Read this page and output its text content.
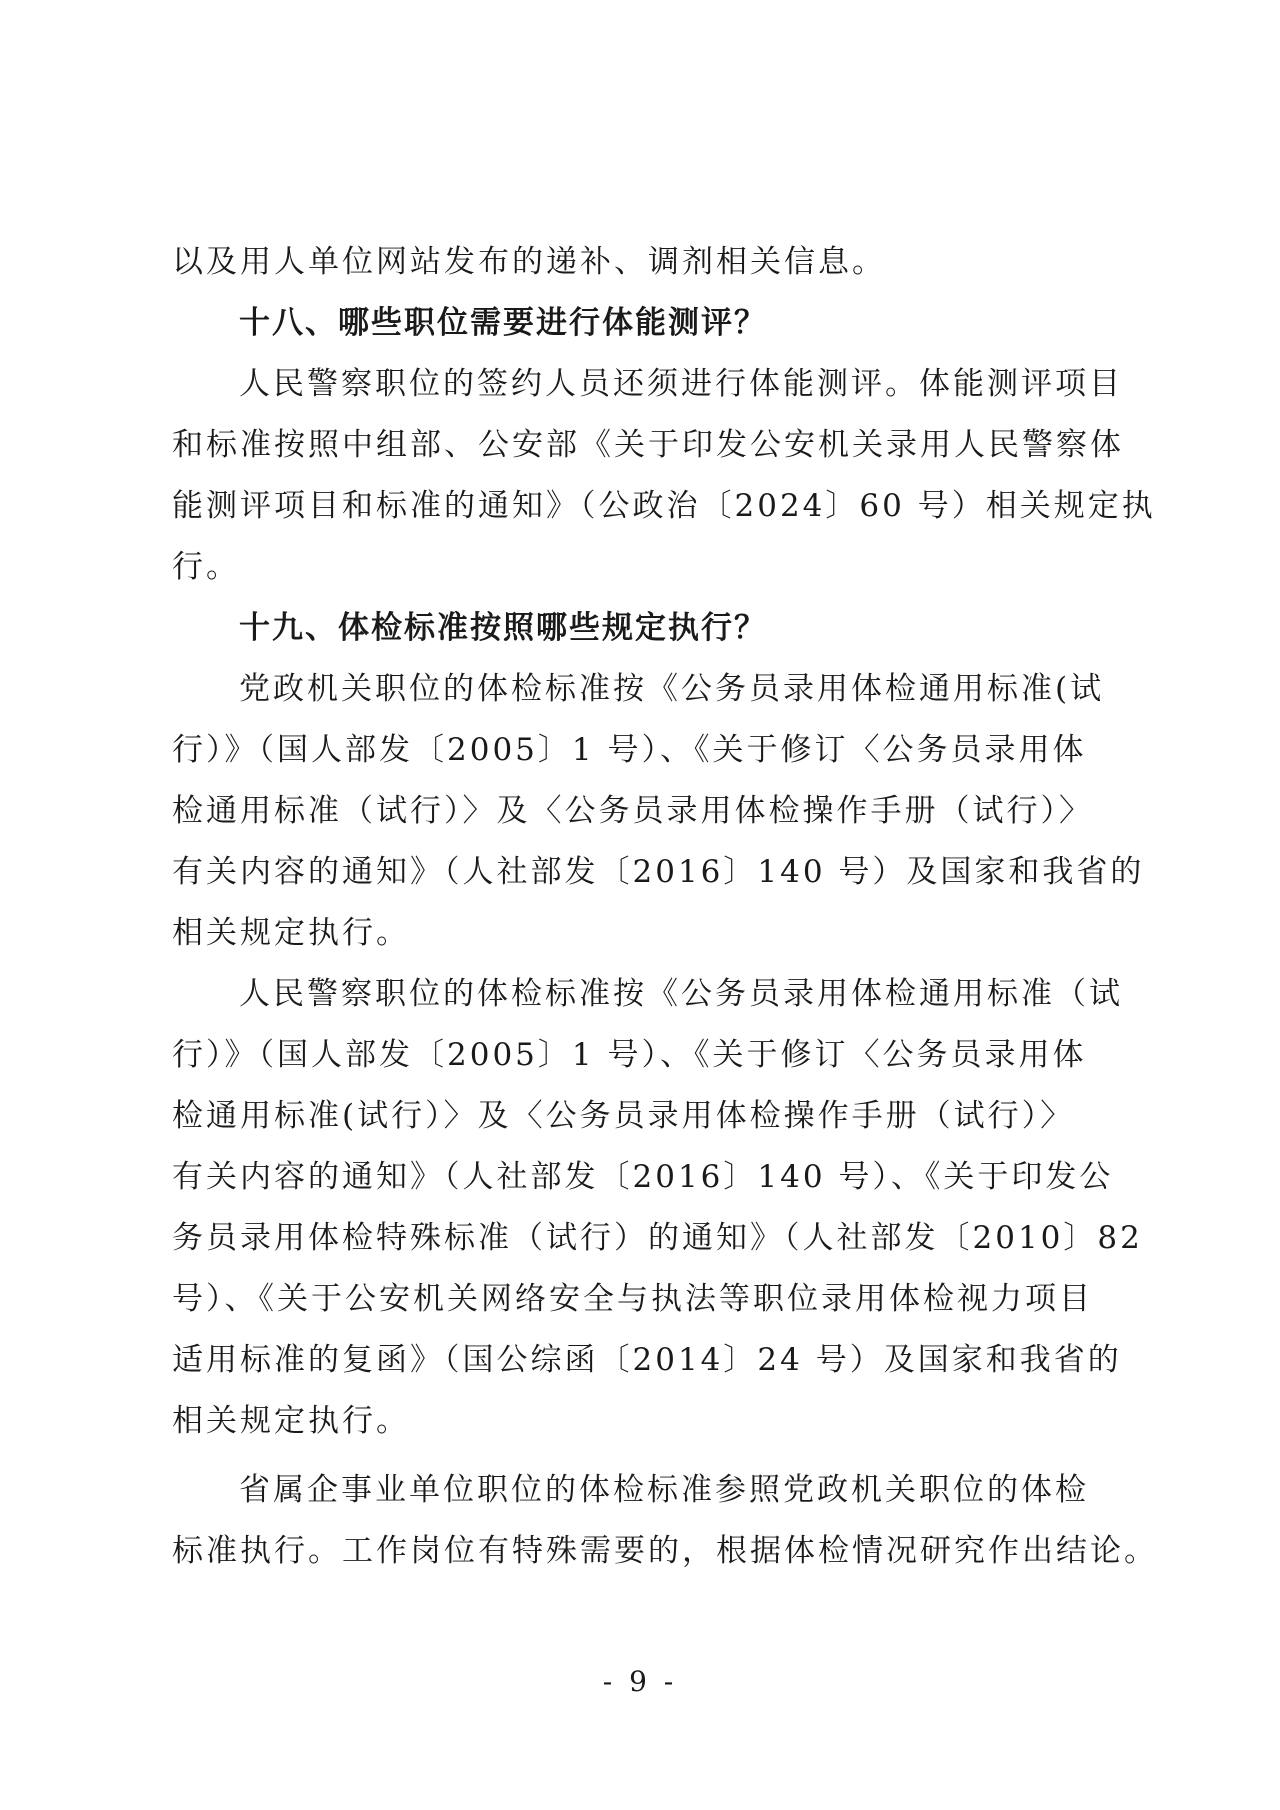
以及用人单位网站发布的递补、调剂相关信息。
十八、哪些职位需要进行体能测评？
人民警察职位的签约人员还须进行体能测评。体能测评项目
和标准按照中组部、公安部《关于印发公安机关录用人民警察体
能测评项目和标准的通知》（公政治〔2024〕60 号）相关规定执
行。
十九、体检标准按照哪些规定执行？
党政机关职位的体检标准按《公务员录用体检通用标准(试
行）》（国人部发〔2005〕1 号）、《关于修订〈公务员录用体
检通用标准（试行）〉及〈公务员录用体检操作手册（试行）〉
有关内容的通知》（人社部发〔2016〕140 号）及国家和我省的
相关规定执行。
人民警察职位的体检标准按《公务员录用体检通用标准（试
行）》（国人部发〔2005〕1 号）、《关于修订〈公务员录用体
检通用标准(试行）〉及〈公务员录用体检操作手册（试行）〉
有关内容的通知》（人社部发〔2016〕140 号）、《关于印发公
务员录用体检特殊标准（试行）的通知》（人社部发〔2010〕82
号）、《关于公安机关网络安全与执法等职位录用体检视力项目
适用标准的复函》（国公综函〔2014〕24 号）及国家和我省的
相关规定执行。
省属企事业单位职位的体检标准参照党政机关职位的体检
标准执行。工作岗位有特殊需要的，根据体检情况研究作出结论。
- 9 -
